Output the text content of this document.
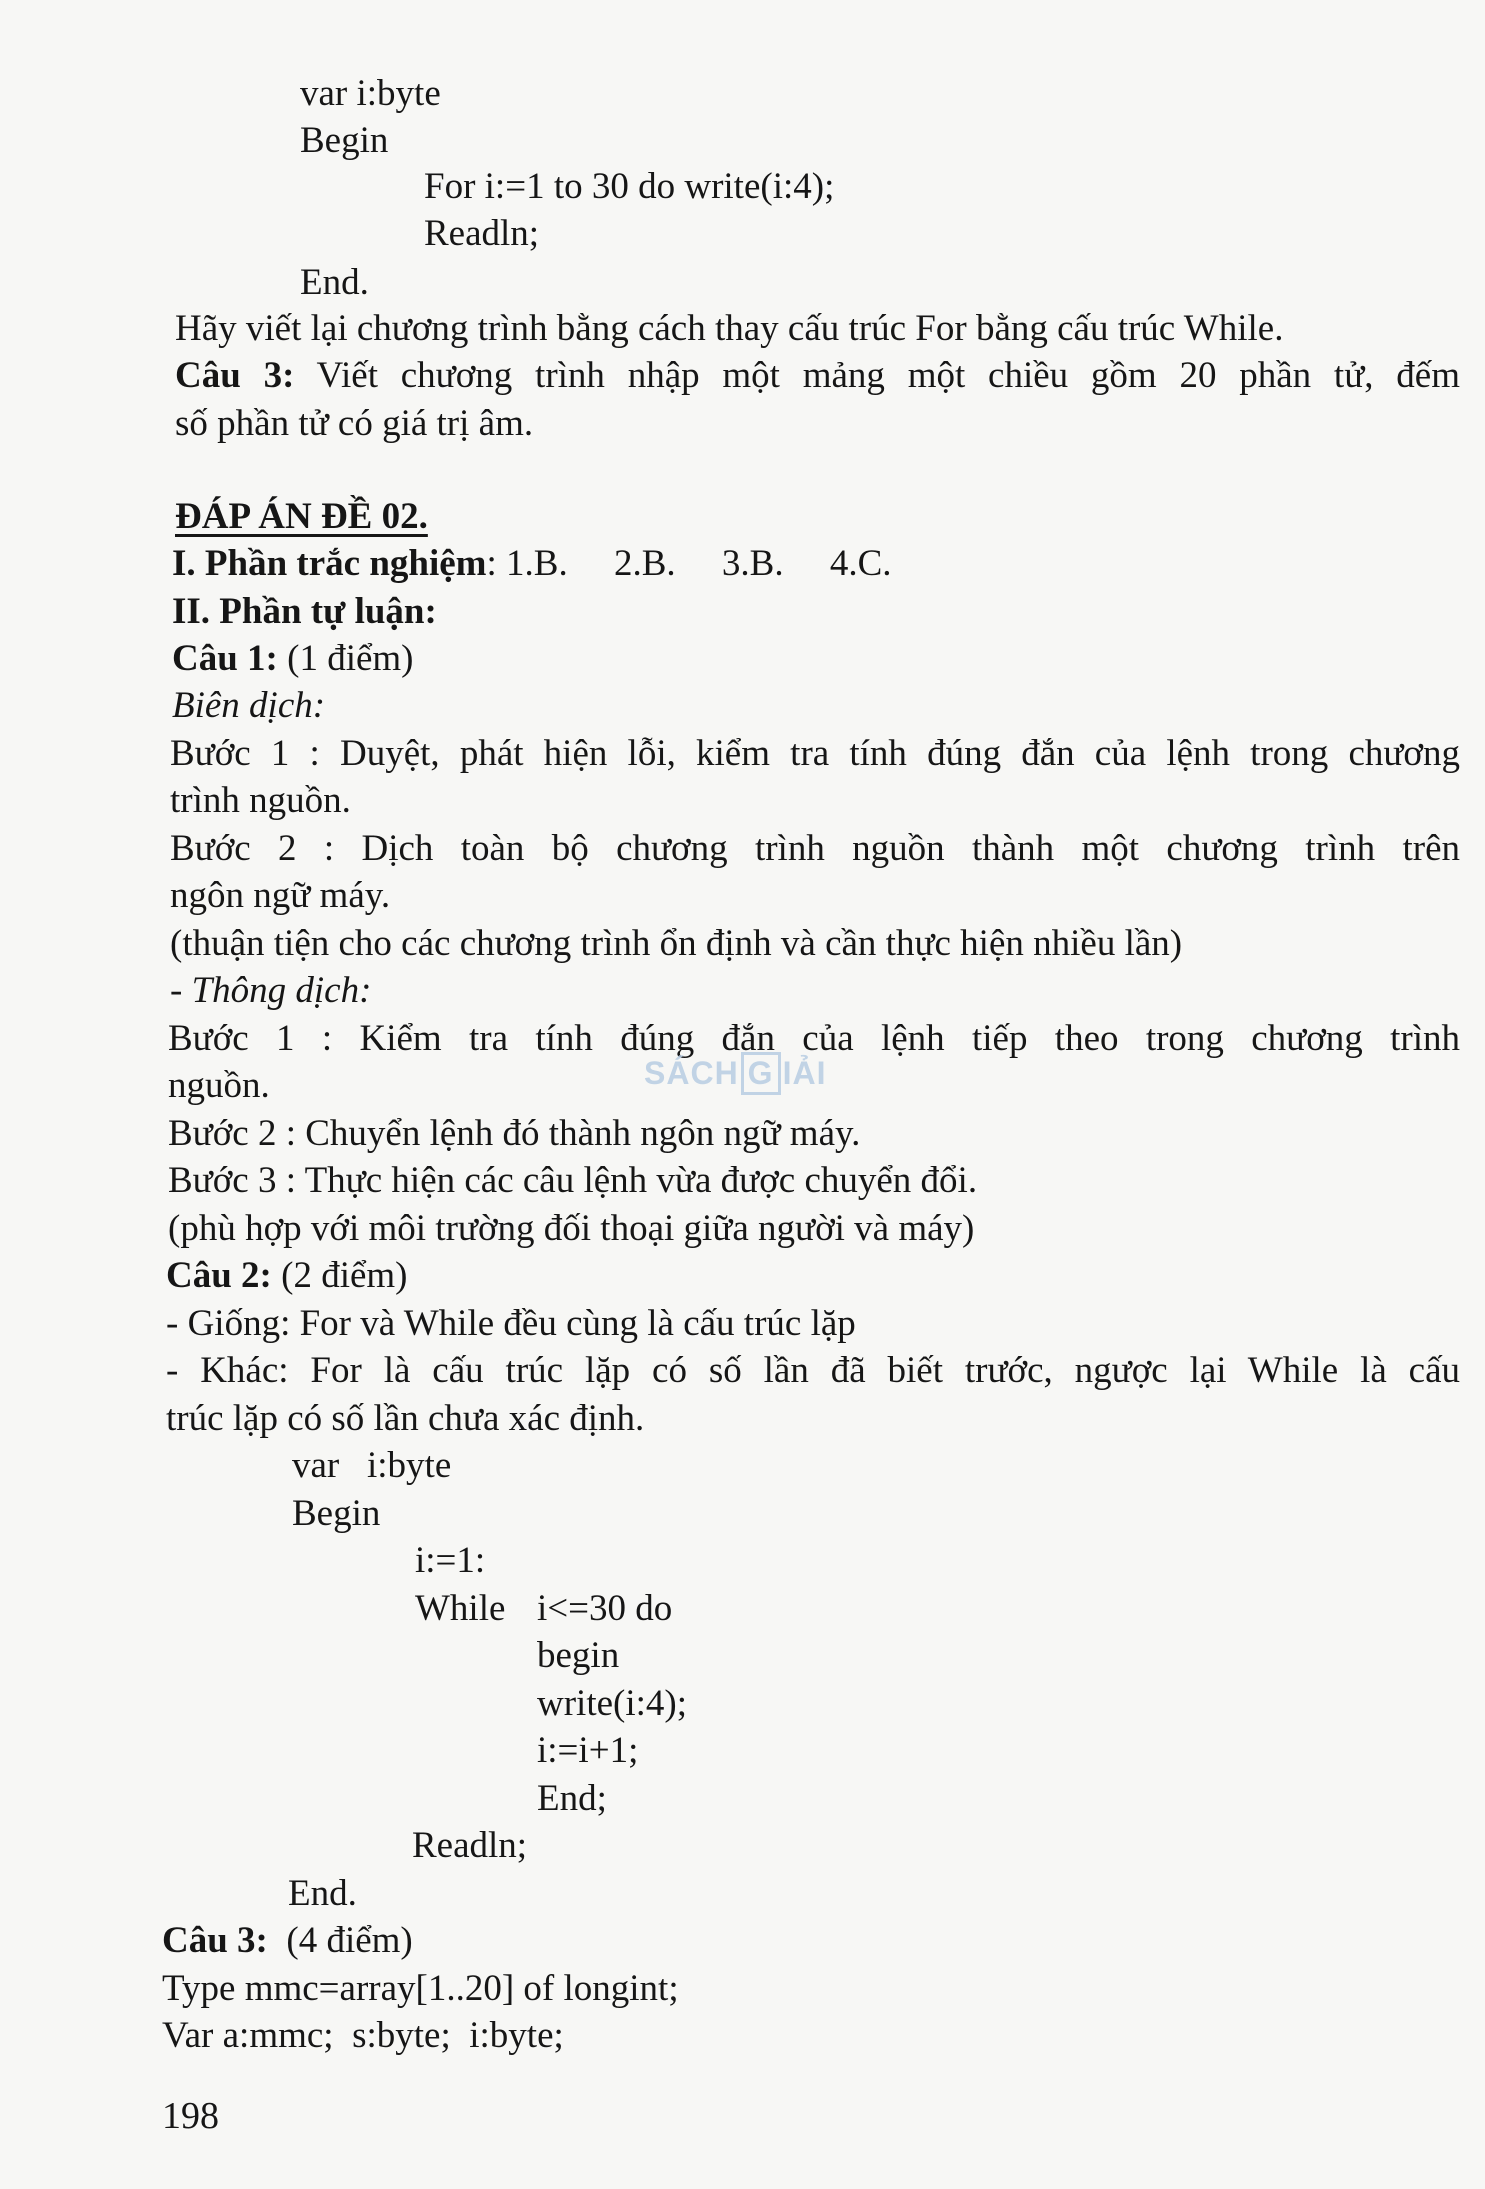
var i:byte
Begin
For i:=1 to 30 do write(i:4);
Readln;
End.
Hãy viết lại chương trình bằng cách thay cấu trúc For bằng cấu trúc While.
Câu 3: Viết chương trình nhập một mảng một chiều gồm 20 phần tử, đếm
số phần tử có giá trị âm.
ĐÁP ÁN ĐỀ 02.
I. Phần trắc nghiệm: 1.B.     2.B.     3.B.     4.C.
II. Phần tự luận:
Câu 1: (1 điểm)
Biên dịch:
Bước 1 : Duyệt, phát hiện lỗi, kiểm tra tính đúng đắn của lệnh trong chương
trình nguồn.
Bước 2 : Dịch toàn bộ chương trình nguồn thành một chương trình trên
ngôn ngữ máy.
(thuận tiện cho các chương trình ổn định và cần thực hiện nhiều lần)
- Thông dịch:
Bước 1 : Kiểm tra tính đúng đắn của lệnh tiếp theo trong chương trình
nguồn.	SÁCH G IẢI
Bước 2 : Chuyển lệnh đó thành ngôn ngữ máy.
Bước 3 : Thực hiện các câu lệnh vừa được chuyển đổi.
(phù hợp với môi trường đối thoại giữa người và máy)
Câu 2: (2 điểm)
- Giống: For và While đều cùng là cấu trúc lặp
- Khác: For là cấu trúc lặp có số lần đã biết trước, ngược lại While là cấu
trúc lặp có số lần chưa xác định.
var   i:byte
Begin
i:=1:
While i<=30 do
begin
write(i:4);
i:=i+1;
End;
Readln;
End.
Câu 3:  (4 điểm)
Type mmc=array[1..20] of longint;
Var a:mmc;  s:byte;  i:byte;
198
